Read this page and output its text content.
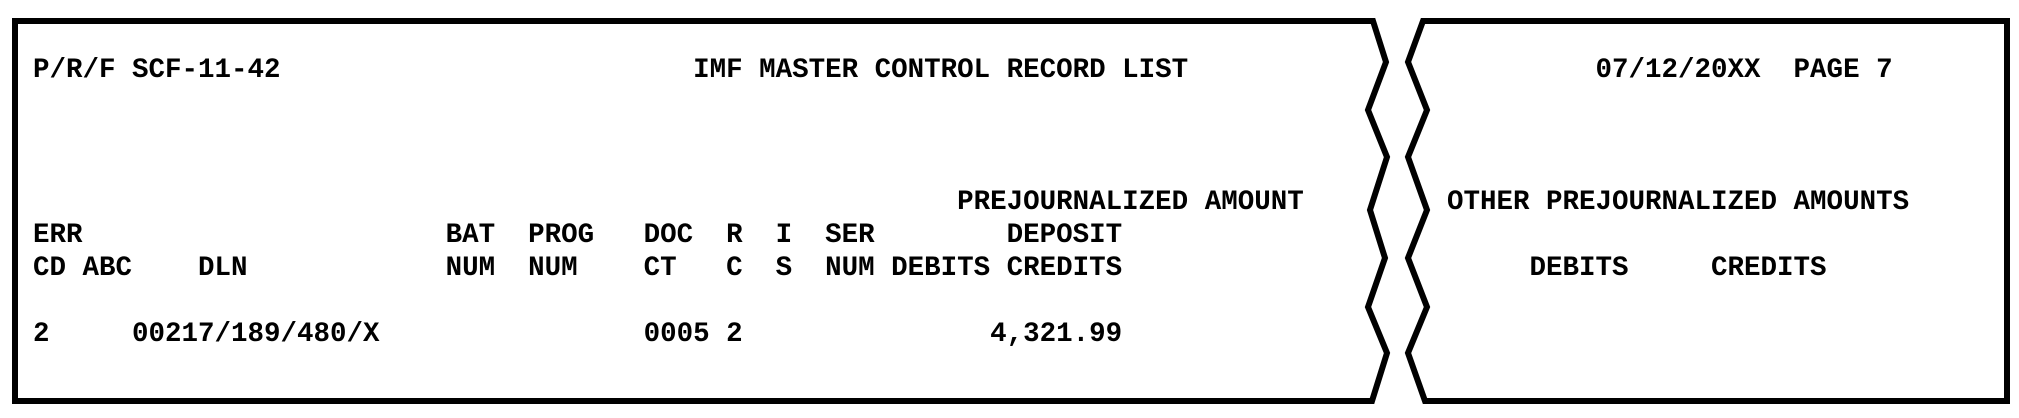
P/R/F SCF-11-42                         IMF MASTER CONTROL RECORD LIST
PREJOURNALIZED AMOUNT
ERR                      BAT  PROG   DOC  R  I  SER        DEPOSIT
CD ABC    DLN            NUM  NUM    CT   C  S  NUM DEBITS CREDITS
2     00217/189/480/X                0005 2               4,321.99
07/12/20XX  PAGE 7
OTHER PREJOURNALIZED AMOUNTS
DEBITS     CREDITS
